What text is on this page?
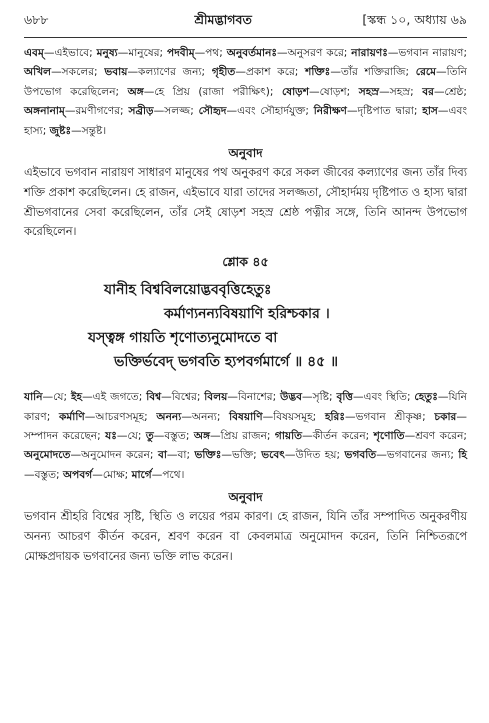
৬৮৮	শ্রীমদ্ভাগবত	[স্কন্ধ ১০, অধ্যায় ৬৯
এবম্—এইভাবে; মনুষ্য—মানুষের; পদবীম্—পথ; অনুবর্তমানঃ—অনুসরণ করে; নারায়ণঃ—ভগবান নারায়ণ; অখিল—সকলের; ভবায়—কল্যাণের জন্য; গৃহীত—প্রকাশ করে; শক্তিঃ—তাঁর শক্তিরাজি; রেমে—তিনি উপভোগ করেছিলেন; অঙ্গ—হে প্রিয় (রাজা পরীক্ষিৎ); ষোড়শ—ষোড়শ; সহস্র—সহস্র; বর—শ্রেষ্ঠ; অঙ্গনানাম্—রমণীগণের; সব্রীড়—সলজ্জ; সৌহৃদ—এবং সৌহার্দযুক্ত; নিরীক্ষণ—দৃষ্টিপাত দ্বারা; হাস—এবং হাস্য; জুষ্টঃ—সন্তুষ্ট।
অনুবাদ
এইভাবে ভগবান নারায়ণ সাধারণ মানুষের পথ অনুকরণ করে সকল জীবের কল্যাণের জন্য তাঁর দিব্য শক্তি প্রকাশ করেছিলেন। হে রাজন, এইভাবে যারা তাদের সলজ্জতা, সৌহার্দময় দৃষ্টিপাত ও হাস্য দ্বারা শ্রীভগবানের সেবা করেছিলেন, তাঁর সেই ষোড়শ সহস্র শ্রেষ্ঠ পত্নীর সঙ্গে, তিনি আনন্দ উপভোগ করেছিলেন।
শ্লোক ৪৫
যানীহ বিশ্ববিলয়োদ্ভববৃত্তিহেতুঃ
কর্মাণ্যনন্যবিষয়াণি হরিশ্চকার ।
যস্ত্বঙ্গ গায়তি শৃণোত্যনুমোদতে বা
ভক্তির্ভবেদ্ ভগবতি হ্যপবর্গমার্গে ॥ ৪৫ ॥
যানি—যে; ইহ—এই জগতে; বিশ্ব—বিশ্বের; বিলয়—বিনাশের; উদ্ভব—সৃষ্টি; বৃত্তি—এবং স্থিতি; হেতুঃ—যিনি কারণ; কর্মাণি—আচরণসমূহ; অনন্য—অনন্য; বিষয়াণি—বিষয়সমূহ; হরিঃ—ভগবান শ্রীকৃষ্ণ; চকার—সম্পাদন করেছেন; যঃ—যে; তু—বস্তুত; অঙ্গ—প্রিয় রাজন; গায়তি—কীর্তন করেন; শৃণোতি—শ্রবণ করেন; অনুমোদতে—অনুমোদন করেন; বা—বা; ভক্তিঃ—ভক্তি; ভবেৎ—উদিত হয়; ভগবতি—ভগবানের জন্য; হি—বস্তুত; অপবর্গ—মোক্ষ; মার্গে—পথে।
অনুবাদ
ভগবান শ্রীহরি বিশ্বের সৃষ্টি, স্থিতি ও লয়ের পরম কারণ। হে রাজন, যিনি তাঁর সম্পাদিত অনুকরণীয় অনন্য আচরণ কীর্তন করেন, শ্রবণ করেন বা কেবলমাত্র অনুমোদন করেন, তিনি নিশ্চিতরূপে মোক্ষপ্রদায়ক ভগবানের জন্য ভক্তি লাভ করেন।
